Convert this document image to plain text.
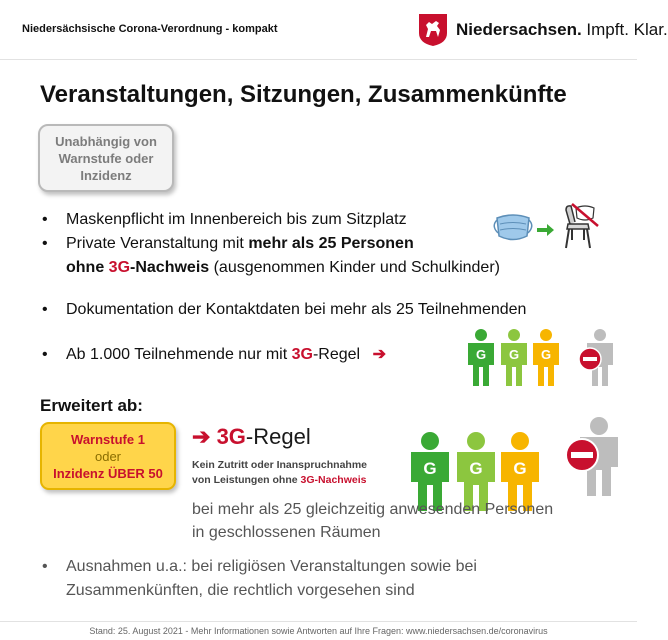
Niedersächsische Corona-Verordnung - kompakt	Niedersachsen. Impft. Klar.
Veranstaltungen, Sitzungen, Zusammenkünfte
Unabhängig von
Warnstufe oder
Inzidenz
• Maskenpflicht im Innenbereich bis zum Sitzplatz
• Private Veranstaltung mit mehr als 25 Personen
ohne 3G-Nachweis (ausgenommen Kinder und Schulkinder)
• Dokumentation der Kontaktdaten bei mehr als 25 Teilnehmenden
• Ab 1.000 Teilnehmende nur mit 3G-Regel ➔	G G G
Erweitert ab:
Warnstufe 1
oder
Inzidenz ÜBER 50
➔ 3G-Regel
Kein Zutritt oder Inanspruchnahme
von Leistungen ohne 3G-Nachweis
G G G
bei mehr als 25 gleichzeitig anwesenden Personen
in geschlossenen Räumen
• Ausnahmen u.a.: bei religiösen Veranstaltungen sowie bei
Zusammenkünften, die rechtlich vorgesehen sind
Stand: 25. August 2021 - Mehr Informationen sowie Antworten auf Ihre Fragen: www.niedersachsen.de/coronavirus
